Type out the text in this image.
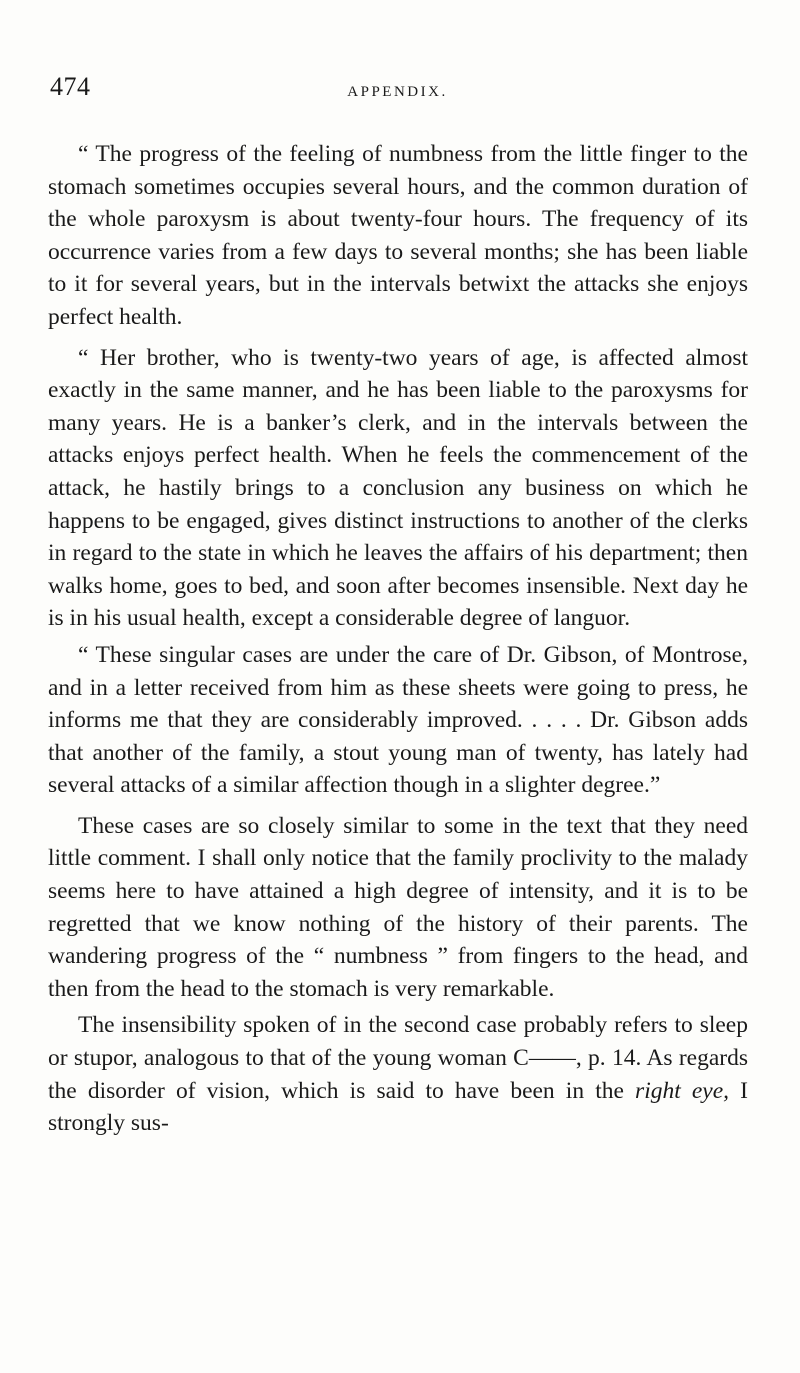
474	APPENDIX.

“ The progress of the feeling of numbness from the little finger to the stomach sometimes occupies several hours, and the common duration of the whole paroxysm is about twenty-four hours. The frequency of its occurrence varies from a few days to several months; she has been liable to it for several years, but in the intervals betwixt the attacks she enjoys perfect health.

“ Her brother, who is twenty-two years of age, is affected almost exactly in the same manner, and he has been liable to the paroxysms for many years. He is a banker’s clerk, and in the intervals between the attacks enjoys perfect health. When he feels the commencement of the attack, he hastily brings to a conclusion any business on which he happens to be engaged, gives distinct instructions to another of the clerks in regard to the state in which he leaves the affairs of his department; then walks home, goes to bed, and soon after becomes insensible. Next day he is in his usual health, except a considerable degree of languor.

“ These singular cases are under the care of Dr. Gibson, of Montrose, and in a letter received from him as these sheets were going to press, he informs me that they are considerably improved. . . . . Dr. Gibson adds that another of the family, a stout young man of twenty, has lately had several attacks of a similar affection though in a slighter degree.”

These cases are so closely similar to some in the text that they need little comment. I shall only notice that the family proclivity to the malady seems here to have attained a high degree of intensity, and it is to be regretted that we know nothing of the history of their parents. The wandering progress of the “ numbness ” from fingers to the head, and then from the head to the stomach is very remarkable.

The insensibility spoken of in the second case probably refers to sleep or stupor, analogous to that of the young woman C——, p. 14. As regards the disorder of vision, which is said to have been in the right eye, I strongly sus-
